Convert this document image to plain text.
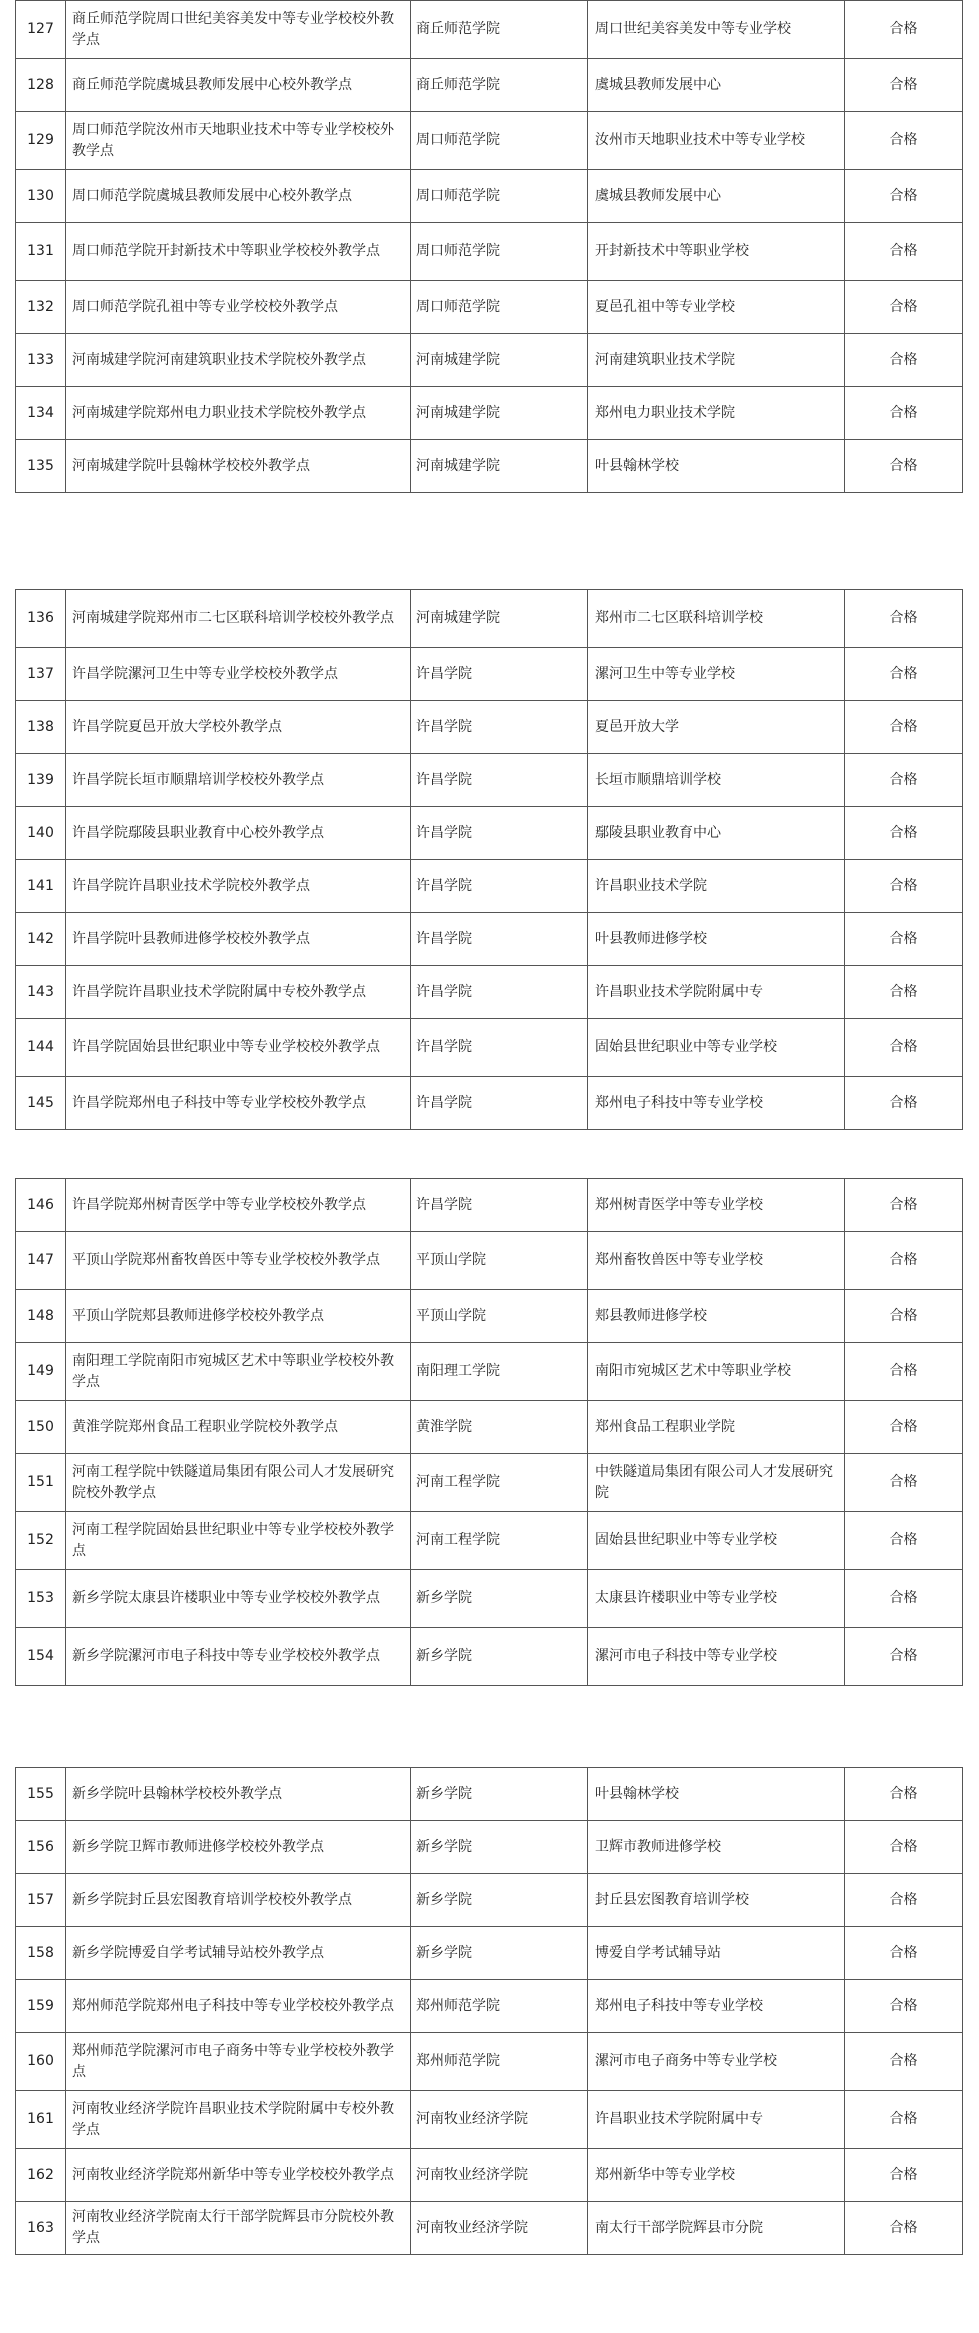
127	商丘师范学院周口世纪美容美发中等专业学校校外教学点	商丘师范学院	周口世纪美容美发中等专业学校	合格
128	商丘师范学院虞城县教师发展中心校外教学点	商丘师范学院	虞城县教师发展中心	合格
129	周口师范学院汝州市天地职业技术中等专业学校校外教学点	周口师范学院	汝州市天地职业技术中等专业学校	合格
130	周口师范学院虞城县教师发展中心校外教学点	周口师范学院	虞城县教师发展中心	合格
131	周口师范学院开封新技术中等职业学校校外教学点	周口师范学院	开封新技术中等职业学校	合格
132	周口师范学院孔祖中等专业学校校外教学点	周口师范学院	夏邑孔祖中等专业学校	合格
133	河南城建学院河南建筑职业技术学院校外教学点	河南城建学院	河南建筑职业技术学院	合格
134	河南城建学院郑州电力职业技术学院校外教学点	河南城建学院	郑州电力职业技术学院	合格
135	河南城建学院叶县翰林学校校外教学点	河南城建学院	叶县翰林学校	合格
136	河南城建学院郑州市二七区联科培训学校校外教学点	河南城建学院	郑州市二七区联科培训学校	合格
137	许昌学院漯河卫生中等专业学校校外教学点	许昌学院	漯河卫生中等专业学校	合格
138	许昌学院夏邑开放大学校外教学点	许昌学院	夏邑开放大学	合格
139	许昌学院长垣市顺鼎培训学校校外教学点	许昌学院	长垣市顺鼎培训学校	合格
140	许昌学院鄢陵县职业教育中心校外教学点	许昌学院	鄢陵县职业教育中心	合格
141	许昌学院许昌职业技术学院校外教学点	许昌学院	许昌职业技术学院	合格
142	许昌学院叶县教师进修学校校外教学点	许昌学院	叶县教师进修学校	合格
143	许昌学院许昌职业技术学院附属中专校外教学点	许昌学院	许昌职业技术学院附属中专	合格
144	许昌学院固始县世纪职业中等专业学校校外教学点	许昌学院	固始县世纪职业中等专业学校	合格
145	许昌学院郑州电子科技中等专业学校校外教学点	许昌学院	郑州电子科技中等专业学校	合格
146	许昌学院郑州树青医学中等专业学校校外教学点	许昌学院	郑州树青医学中等专业学校	合格
147	平顶山学院郑州畜牧兽医中等专业学校校外教学点	平顶山学院	郑州畜牧兽医中等专业学校	合格
148	平顶山学院郏县教师进修学校校外教学点	平顶山学院	郏县教师进修学校	合格
149	南阳理工学院南阳市宛城区艺术中等职业学校校外教学点	南阳理工学院	南阳市宛城区艺术中等职业学校	合格
150	黄淮学院郑州食品工程职业学院校外教学点	黄淮学院	郑州食品工程职业学院	合格
151	河南工程学院中铁隧道局集团有限公司人才发展研究院校外教学点	河南工程学院	中铁隧道局集团有限公司人才发展研究院	合格
152	河南工程学院固始县世纪职业中等专业学校校外教学点	河南工程学院	固始县世纪职业中等专业学校	合格
153	新乡学院太康县许楼职业中等专业学校校外教学点	新乡学院	太康县许楼职业中等专业学校	合格
154	新乡学院漯河市电子科技中等专业学校校外教学点	新乡学院	漯河市电子科技中等专业学校	合格
155	新乡学院叶县翰林学校校外教学点	新乡学院	叶县翰林学校	合格
156	新乡学院卫辉市教师进修学校校外教学点	新乡学院	卫辉市教师进修学校	合格
157	新乡学院封丘县宏图教育培训学校校外教学点	新乡学院	封丘县宏图教育培训学校	合格
158	新乡学院博爱自学考试辅导站校外教学点	新乡学院	博爱自学考试辅导站	合格
159	郑州师范学院郑州电子科技中等专业学校校外教学点	郑州师范学院	郑州电子科技中等专业学校	合格
160	郑州师范学院漯河市电子商务中等专业学校校外教学点	郑州师范学院	漯河市电子商务中等专业学校	合格
161	河南牧业经济学院许昌职业技术学院附属中专校外教学点	河南牧业经济学院	许昌职业技术学院附属中专	合格
162	河南牧业经济学院郑州新华中等专业学校校外教学点	河南牧业经济学院	郑州新华中等专业学校	合格
163	河南牧业经济学院南太行干部学院辉县市分院校外教学点	河南牧业经济学院	南太行干部学院辉县市分院	合格
